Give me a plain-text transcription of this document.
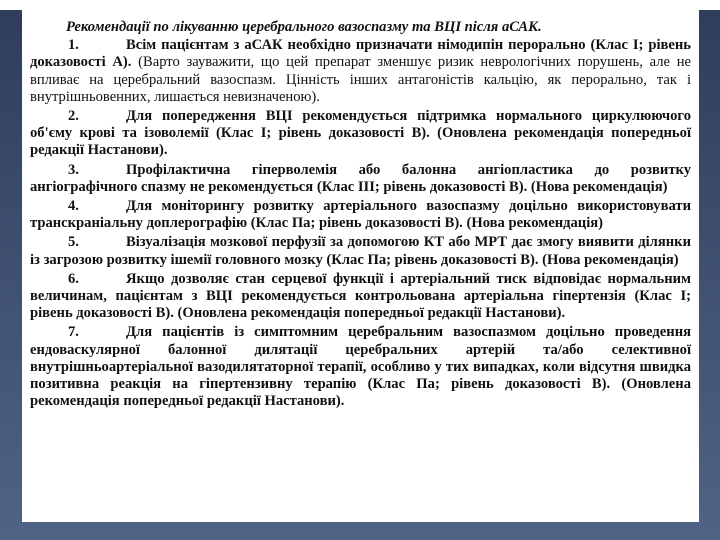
Рекомендації по лікуванню церебрального вазоспазму та ВЦІ після аСАК.
1.	Всім пацієнтам з аСАК необхідно призначати німодипін перорально (Клас І; рівень доказовості А). (Варто зауважити, що цей препарат зменшує ризик неврологічних порушень, але не впливає на церебральний вазоспазм. Цінність інших антагоністів кальцію, як перорально, так і внутрішньовенних, лишається невизначеною).
2.	Для попередження ВЦІ рекомендується підтримка нормального циркулюючого об'єму крові та ізоволемії (Клас І; рівень доказовості В). (Оновлена рекомендація попередньої редакції Настанови).
3.	Профілактична гіперволемія або балонна ангіопластика до розвитку ангіографічного спазму не рекомендується (Клас ІІІ; рівень доказовості В). (Нова рекомендація)
4.	Для моніторингу розвитку артеріального вазоспазму доцільно використовувати транскраніальну доплерографію (Клас Па; рівень доказовості В). (Нова рекомендація)
5.	Візуалізація мозкової перфузії за допомогою КТ або МРТ дає змогу виявити ділянки із загрозою розвитку ішемії головного мозку (Клас Па; рівень доказовості В). (Нова рекомендація)
6.	Якщо дозволяє стан серцевої функції і артеріальний тиск відповідає нормальним величинам, пацієнтам з ВЦІ рекомендується контрольована артеріальна гіпертензія (Клас І; рівень доказовості В). (Оновлена рекомендація попередньої редакції Настанови).
7.	Для пацієнтів із симптомним церебральним вазоспазмом доцільно проведення ендоваскулярної балонної дилятації церебральних артерій та/або селективної внутрішньоартеріальної вазодилятаторної терапії, особливо у тих випадках, коли відсутня швидка позитивна реакція на гіпертензивну терапію (Клас Па; рівень доказовості В). (Оновлена рекомендація попередньої редакції Настанови).
